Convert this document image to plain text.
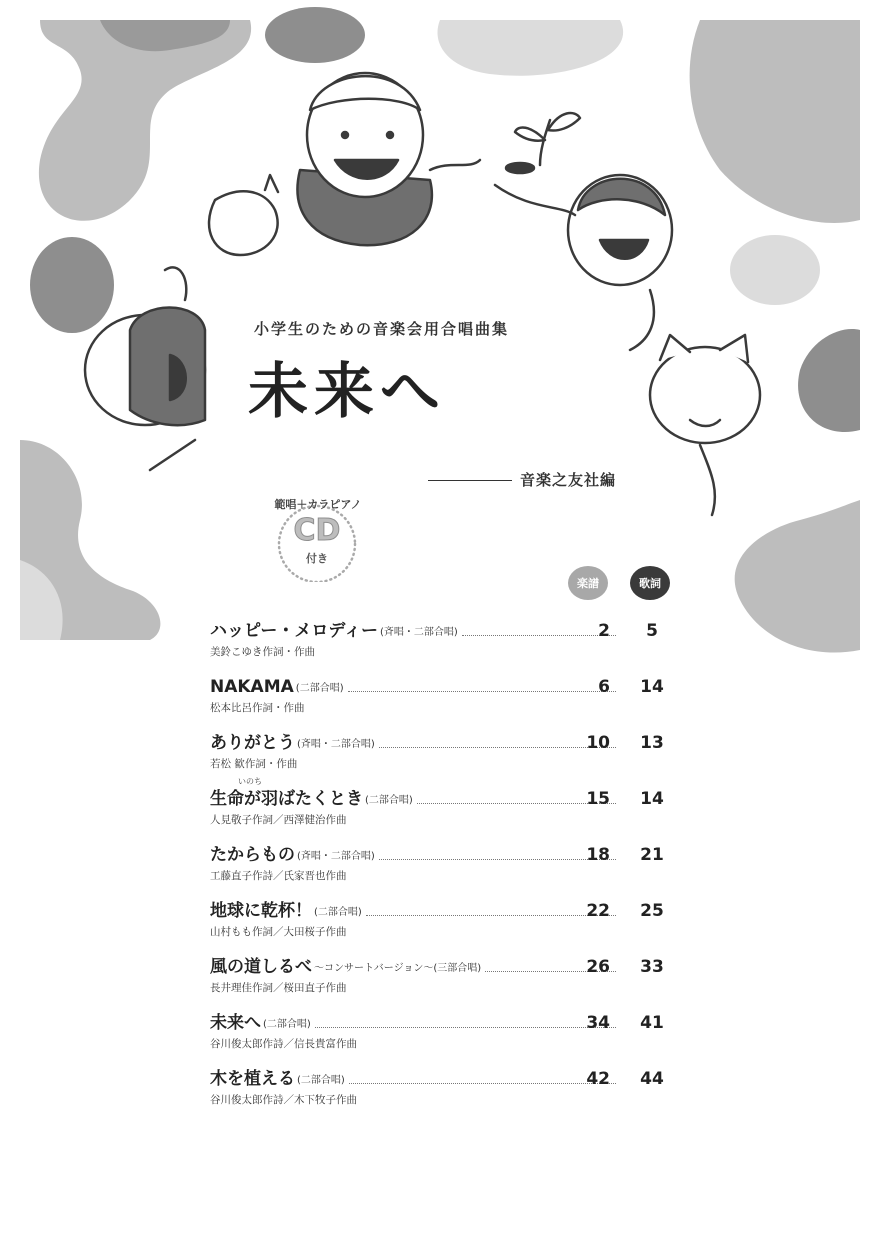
小学生のための音楽会用合唱曲集
未来へ
音楽之友社編
範唱＋カラピアノ
CD
付き
楽譜	歌詞
ハッピー・メロディー (斉唱・二部合唱)	2	5
美鈴こゆき作詞・作曲
NAKAMA (二部合唱)	6	14
松本比呂作詞・作曲
ありがとう (斉唱・二部合唱)	10	13
若松 歓作詞・作曲
いのち
生命が羽ばたくとき (二部合唱)	15	14
人見敬子作詞／西澤健治作曲
たからもの (斉唱・二部合唱)	18	21
工藤直子作詩／氏家晋也作曲
地球に乾杯！ (二部合唱)	22	25
山村もも作詞／大田桜子作曲
風の道しるべ ～コンサートバージョン～(三部合唱)	26	33
長井理佳作詞／桜田直子作曲
未来へ (二部合唱)	34	41
谷川俊太郎作詩／信長貴富作曲
木を植える (二部合唱)	42	44
谷川俊太郎作詩／木下牧子作曲
